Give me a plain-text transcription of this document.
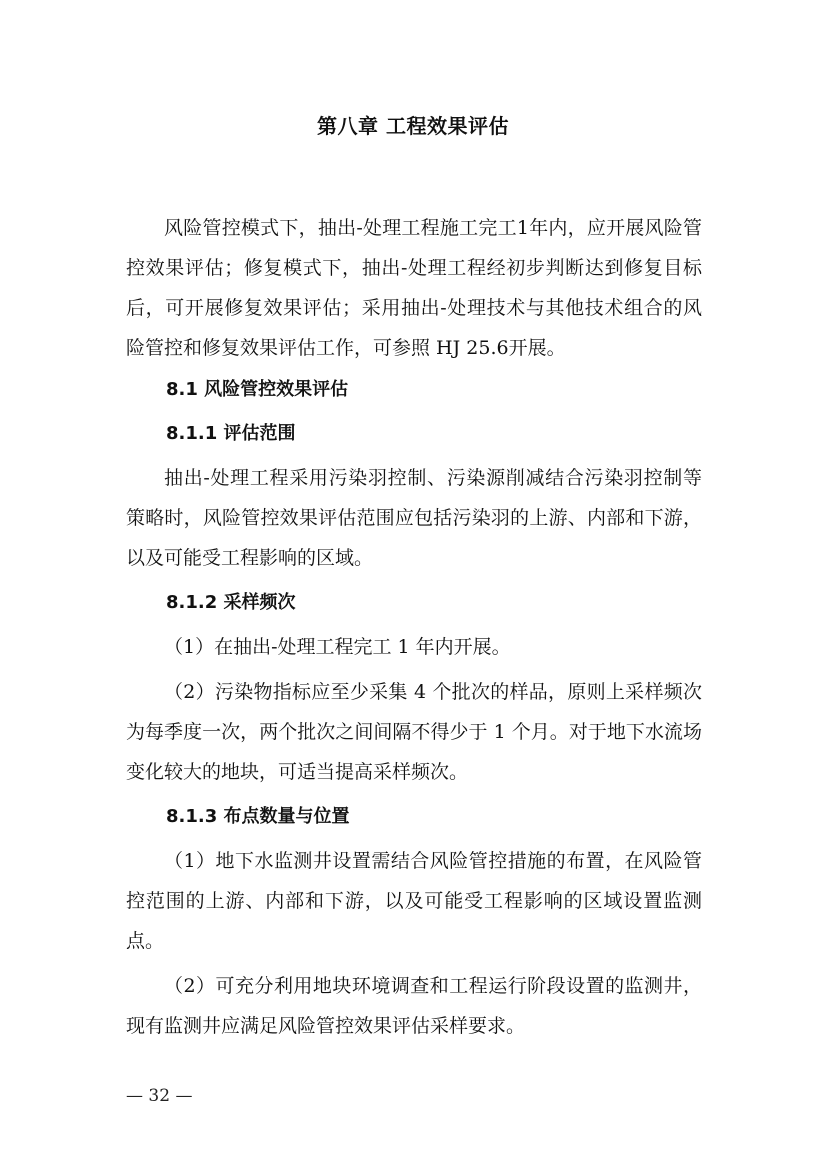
第八章 工程效果评估

风险管控模式下，抽出-处理工程施工完工1年内，应开展风险管控效果评估；修复模式下，抽出-处理工程经初步判断达到修复目标后，可开展修复效果评估；采用抽出-处理技术与其他技术组合的风险管控和修复效果评估工作，可参照 HJ 25.6开展。

8.1 风险管控效果评估
8.1.1 评估范围

抽出-处理工程采用污染羽控制、污染源削减结合污染羽控制等策略时，风险管控效果评估范围应包括污染羽的上游、内部和下游，以及可能受工程影响的区域。

8.1.2 采样频次

（1）在抽出-处理工程完工 1 年内开展。

（2）污染物指标应至少采集 4 个批次的样品，原则上采样频次为每季度一次，两个批次之间间隔不得少于 1 个月。对于地下水流场变化较大的地块，可适当提高采样频次。

8.1.3 布点数量与位置

（1）地下水监测井设置需结合风险管控措施的布置，在风险管控范围的上游、内部和下游，以及可能受工程影响的区域设置监测点。

（2）可充分利用地块环境调查和工程运行阶段设置的监测井，现有监测井应满足风险管控效果评估采样要求。

— 32 —
